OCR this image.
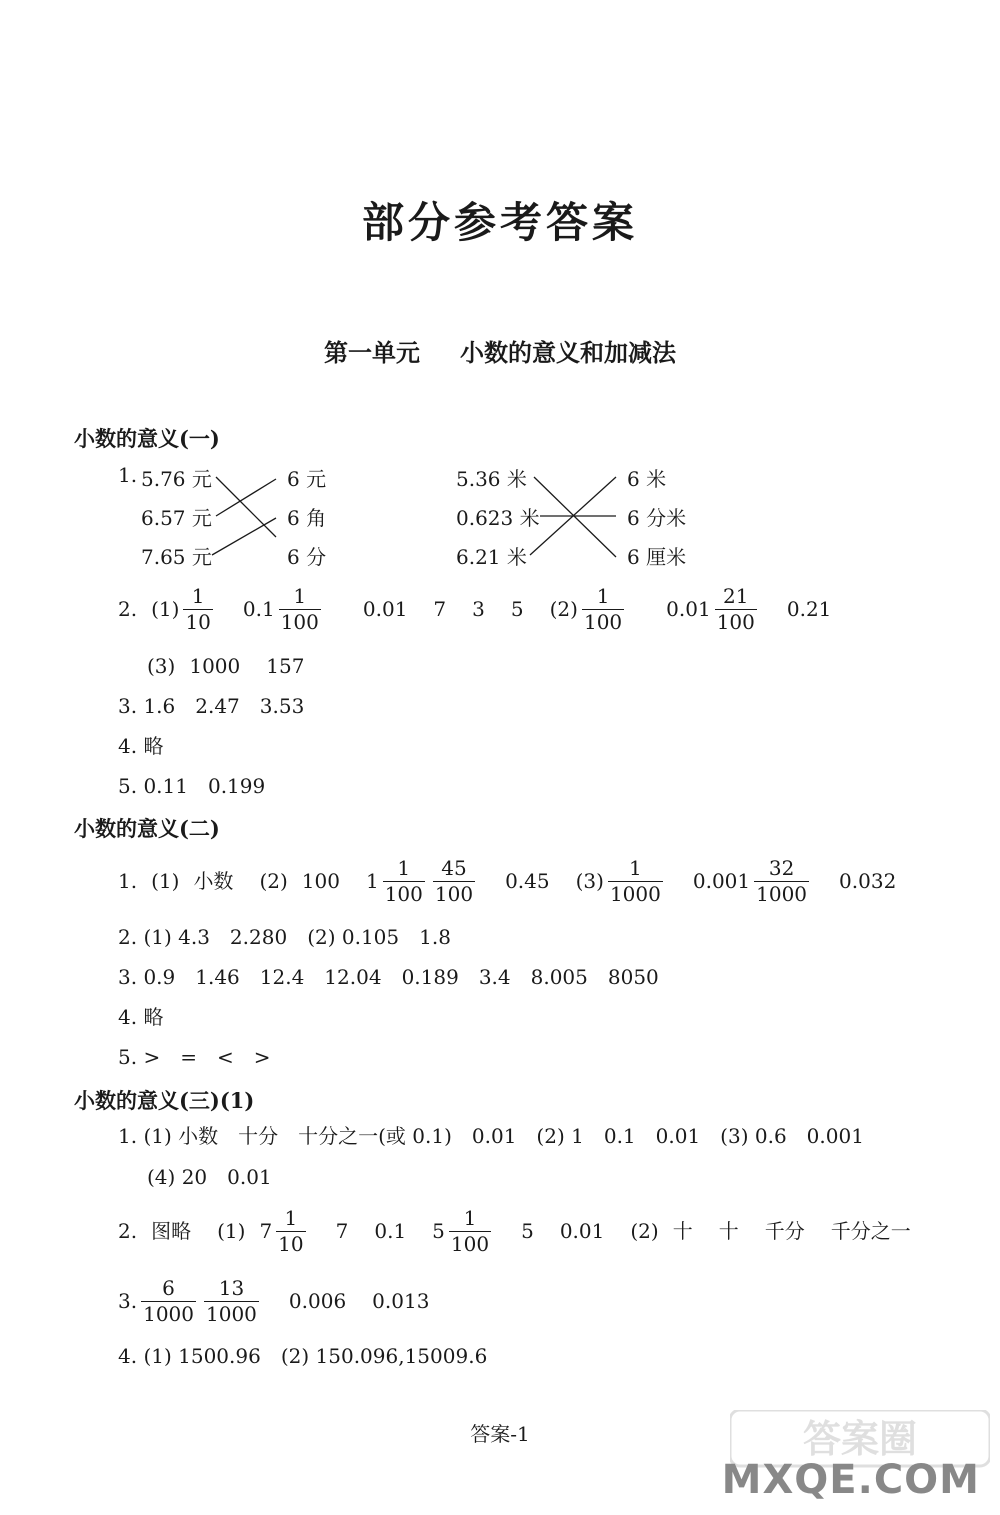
部分参考答案
第一单元 小数的意义和加减法
小数的意义(一)
1. 5.76 元
6.57 元
7.65 元
6 元
6 角
6 分
5.36 米
0.623 米
6.21 米
6 米
6 分米
6 厘米
2. $(1) \frac{1}{10} 0.1 \frac{1}{100} 0.01$ 7 3 5 $(2) \frac{1}{100} 0.01 \frac{21}{100} 0.21$
(3) 1000 157
3. 1.6　2.47　3.53
4. 略
5. 0.11　0.199
小数的意义(二)
1. (1) 小数 (2) 100 $1 \frac{1}{100} \frac{45}{100} 0.45$ $(3) \frac{1}{1000} 0.001 \frac{32}{1000} 0.032$
2. (1) 4.3　2.280　(2) 0.105　1.8
3. 0.9　1.46　12.4　12.04　0.189　3.4　8.005　8050
4. 略
5. >　=　<　>
小数的意义(三)(1)
1. (1) 小数　十分　十分之一(或 0.1)　0.01　(2) 1　0.1　0.01　(3) 0.6　0.001
(4) 20　0.01
2. 图略 (1) $7 \frac{1}{10} 7$ 0.1 $5 \frac{1}{100} 5$ 0.01 (2) 十 十 千分 千分之一
3. $\frac{6}{1000} \frac{13}{1000} 0.006$ 0.013
4. (1) 1500.96　(2) 150.096,15009.6
答案-1	答案圈
MXQE.COM
